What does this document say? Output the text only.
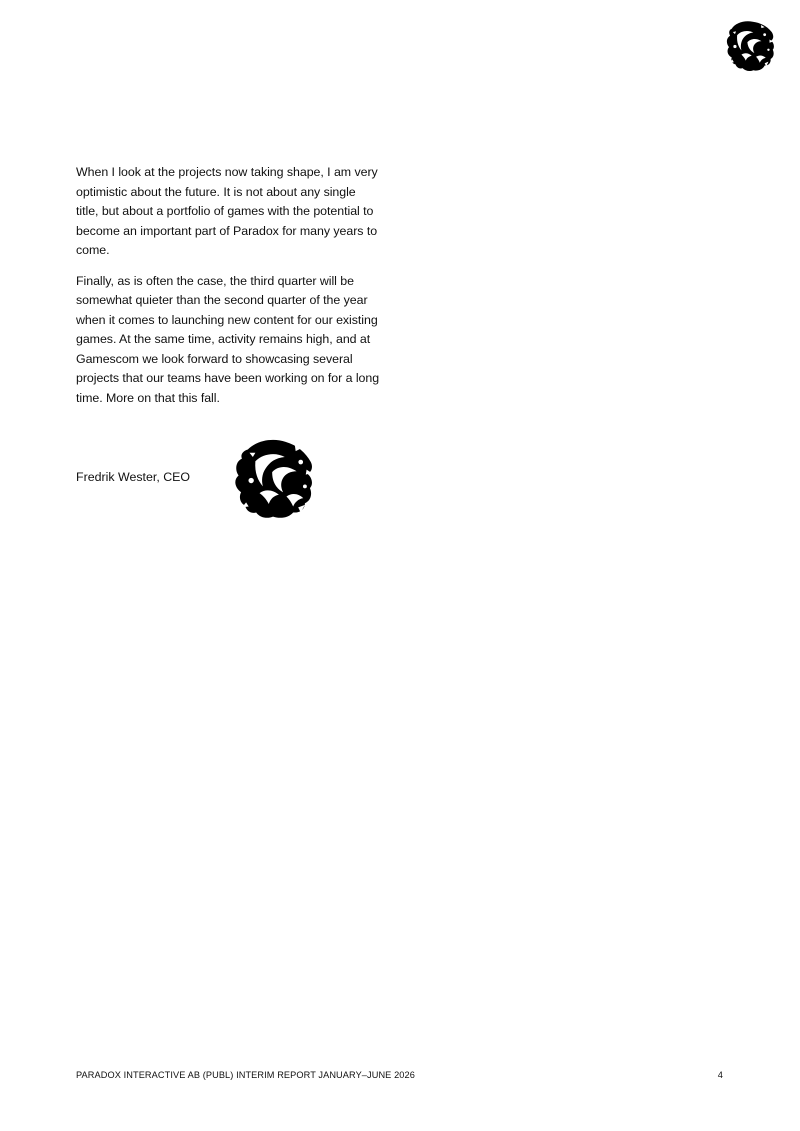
When I look at the projects now taking shape, I am very optimistic about the future. It is not about any single title, but about a portfolio of games with the potential to become an important part of Paradox for many years to come.

Finally, as is often the case, the third quarter will be somewhat quieter than the second quarter of the year when it comes to launching new content for our existing games. At the same time, activity remains high, and at Gamescom we look forward to showcasing several projects that our teams have been working on for a long time. More on that this fall.

Fredrik Wester, CEO
PARADOX INTERACTIVE AB (PUBL) INTERIM REPORT JANUARY–JUNE 2026	4
